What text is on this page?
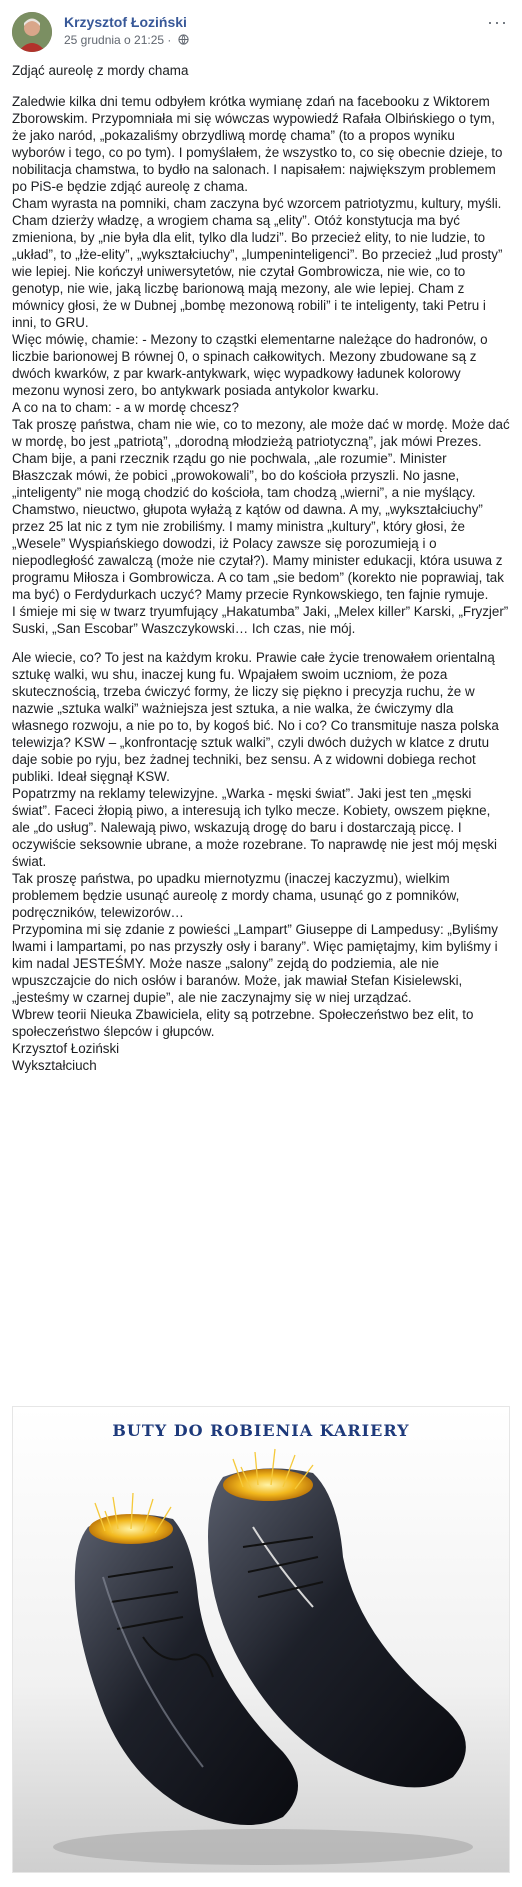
Krzysztof Łoziński
25 grudnia o 21:25 ·
···

Zdjąć aureolę z mordy chama

Zaledwie kilka dni temu odbyłem krótka wymianę zdań na facebooku z Wiktorem Zborowskim. Przypomniała mi się wówczas wypowiedź Rafała Olbińskiego o tym, że jako naród, „pokazaliśmy obrzydliwą mordę chama” (to a propos wyniku wyborów i tego, co po tym). I pomyślałem, że wszystko to, co się obecnie dzieje, to nobilitacja chamstwa, to bydło na salonach. I napisałem: największym problemem po PiS-e będzie zdjąć aureolę z chama.

Cham wyrasta na pomniki, cham zaczyna być wzorcem patriotyzmu, kultury, myśli. Cham dzierży władzę, a wrogiem chama są „elity”. Otóż konstytucja ma być zmieniona, by „nie była dla elit, tylko dla ludzi”. Bo przecież elity, to nie ludzie, to „układ”, to „łże-elity”, „wykształciuchy”, „lumpeninteligenci”. Bo przecież „lud prosty” wie lepiej. Nie kończył uniwersytetów, nie czytał Gombrowicza, nie wie, co to genotyp, nie wie, jaką liczbę barionową mają mezony, ale wie lepiej. Cham z mównicy głosi, że w Dubnej „bombę mezonową robili” i te inteligenty, taki Petru i inni, to GRU.

Więc mówię, chamie: - Mezony to cząstki elementarne należące do hadronów, o liczbie barionowej B równej 0, o spinach całkowitych. Mezony zbudowane są z dwóch kwarków, z par kwark-antykwark, więc wypadkowy ładunek kolorowy mezonu wynosi zero, bo antykwark posiada antykolor kwarku.

A co na to cham: - a w mordę chcesz?

Tak proszę państwa, cham nie wie, co to mezony, ale może dać w mordę. Może dać w mordę, bo jest „patriotą”, „dorodną młodzieżą patriotyczną”, jak mówi Prezes. Cham bije, a pani rzecznik rządu go nie pochwala, „ale rozumie”. Minister Błaszczak mówi, że pobici „prowokowali”, bo do kościoła przyszli. No jasne, „inteligenty” nie mogą chodzić do kościoła, tam chodzą „wierni”, a nie myślący.

Chamstwo, nieuctwo, głupota wyłażą z kątów od dawna. A my, „wykształciuchy” przez 25 lat nic z tym nie zrobiliśmy. I mamy ministra „kultury”, który głosi, że „Wesele” Wyspiańskiego dowodzi, iż Polacy zawsze się porozumieją i o niepodległość zawalczą (może nie czytał?). Mamy minister edukacji, która usuwa z programu Miłosza i Gombrowicza. A co tam „sie bedom” (korekto nie poprawiaj, tak ma być) o Ferdydurkach uczyć? Mamy przecie Rynkowskiego, ten fajnie rymuje.

I śmieje mi się w twarz tryumfujący „Hakatumba” Jaki, „Melex killer” Karski, „Fryzjer” Suski, „San Escobar” Waszczykowski… Ich czas, nie mój.

Ale wiecie, co? To jest na każdym kroku. Prawie całe życie trenowałem orientalną sztukę walki, wu shu, inaczej kung fu. Wpajałem swoim uczniom, że poza skutecznością, trzeba ćwiczyć formy, że liczy się piękno i precyzja ruchu, że w nazwie „sztuka walki” ważniejsza jest sztuka, a nie walka, że ćwiczymy dla własnego rozwoju, a nie po to, by kogoś bić. No i co? Co transmituje nasza polska telewizja? KSW – „konfrontację sztuk walki”, czyli dwóch dużych w klatce z drutu daje sobie po ryju, bez żadnej techniki, bez sensu. A z widowni dobiega rechot publiki. Ideał sięgnął KSW.

Popatrzmy na reklamy telewizyjne. „Warka - męski świat”. Jaki jest ten „męski świat”. Faceci żłopią piwo, a interesują ich tylko mecze. Kobiety, owszem piękne, ale „do usług”. Nalewają piwo, wskazują drogę do baru i dostarczają piccę. I oczywiście seksownie ubrane, a może rozebrane. To naprawdę nie jest mój męski świat.

Tak proszę państwa, po upadku miernotyzmu (inaczej kaczyzmu), wielkim problemem będzie usunąć aureolę z mordy chama, usunąć go z pomników, podręczników, telewizorów…

Przypomina mi się zdanie z powieści „Lampart” Giuseppe di Lampedusy: „Byliśmy lwami i lampartami, po nas przyszły osły i barany”. Więc pamiętajmy, kim byliśmy i kim nadal JESTEŚMY. Może nasze „salony” zejdą do podziemia, ale nie wpuszczajcie do nich osłów i baranów. Może, jak mawiał Stefan Kisielewski, „jesteśmy w czarnej dupie”, ale nie zaczynajmy się w niej urządzać.

Wbrew teorii Nieuka Zbawiciela, elity są potrzebne. Społeczeństwo bez elit, to społeczeństwo ślepców i głupców.

Krzysztof Łoziński

Wykształciuch

BUTY DO ROBIENIA KARIERY
